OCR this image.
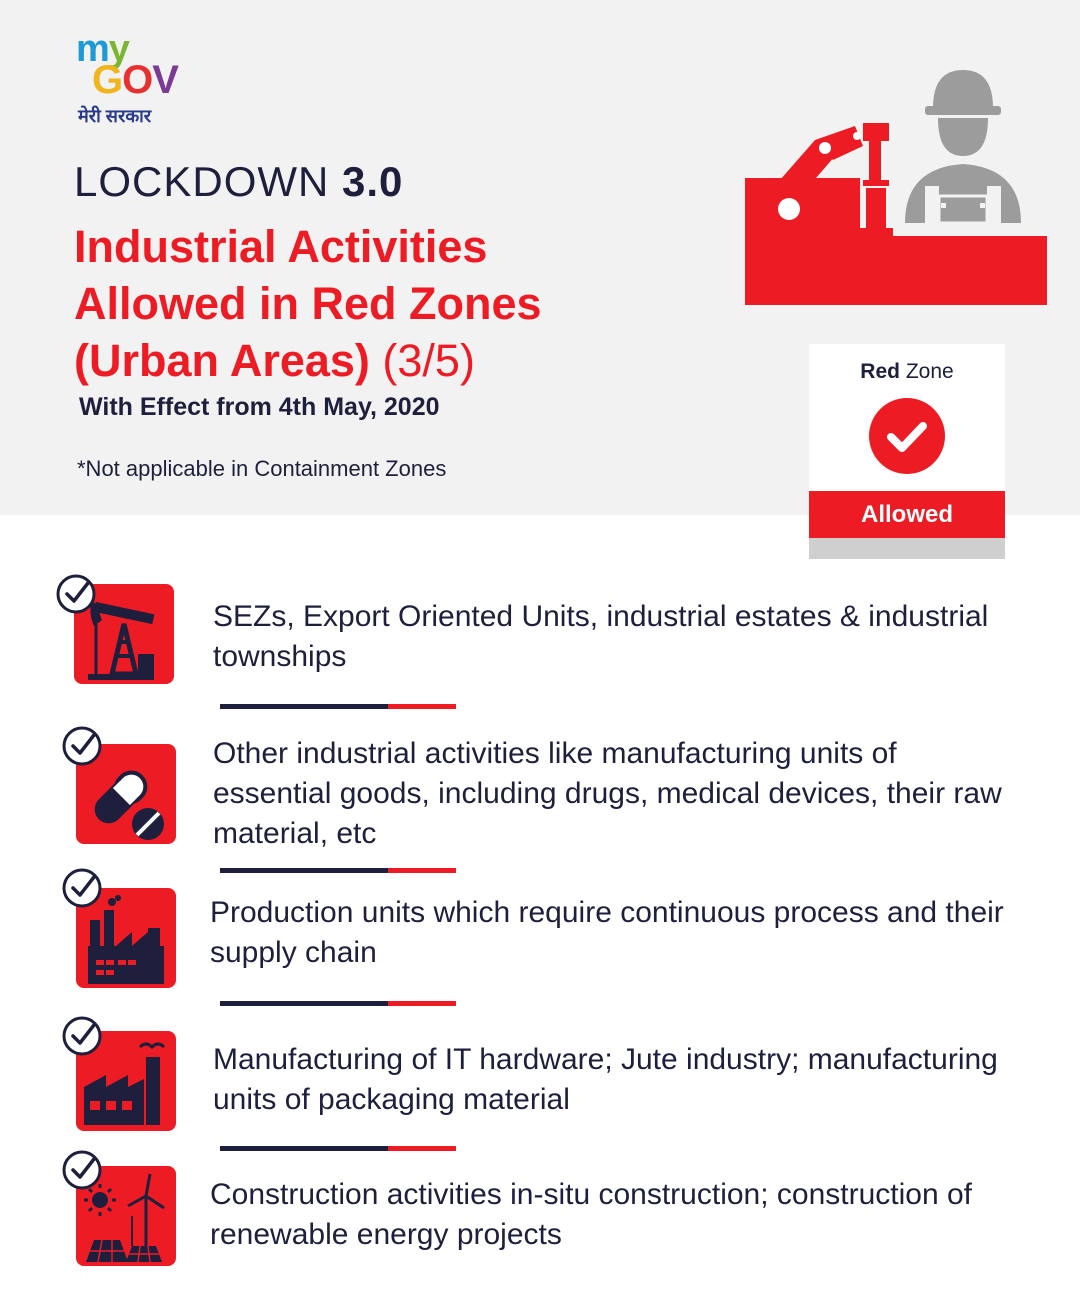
my
GOV
मेरी सरकार
LOCKDOWN 3.0
Industrial Activities
Allowed in Red Zones
(Urban Areas) (3/5)
With Effect from 4th May, 2020
*Not applicable in Containment Zones
Red Zone
Allowed
SEZs, Export Oriented Units, industrial estates & industrial townships
Other industrial activities like manufacturing units of essential goods, including drugs, medical devices, their raw material, etc
Production units which require continuous process and their supply chain
Manufacturing of IT hardware; Jute industry; manufacturing units of packaging material
Construction activities in-situ construction; construction of renewable energy projects
